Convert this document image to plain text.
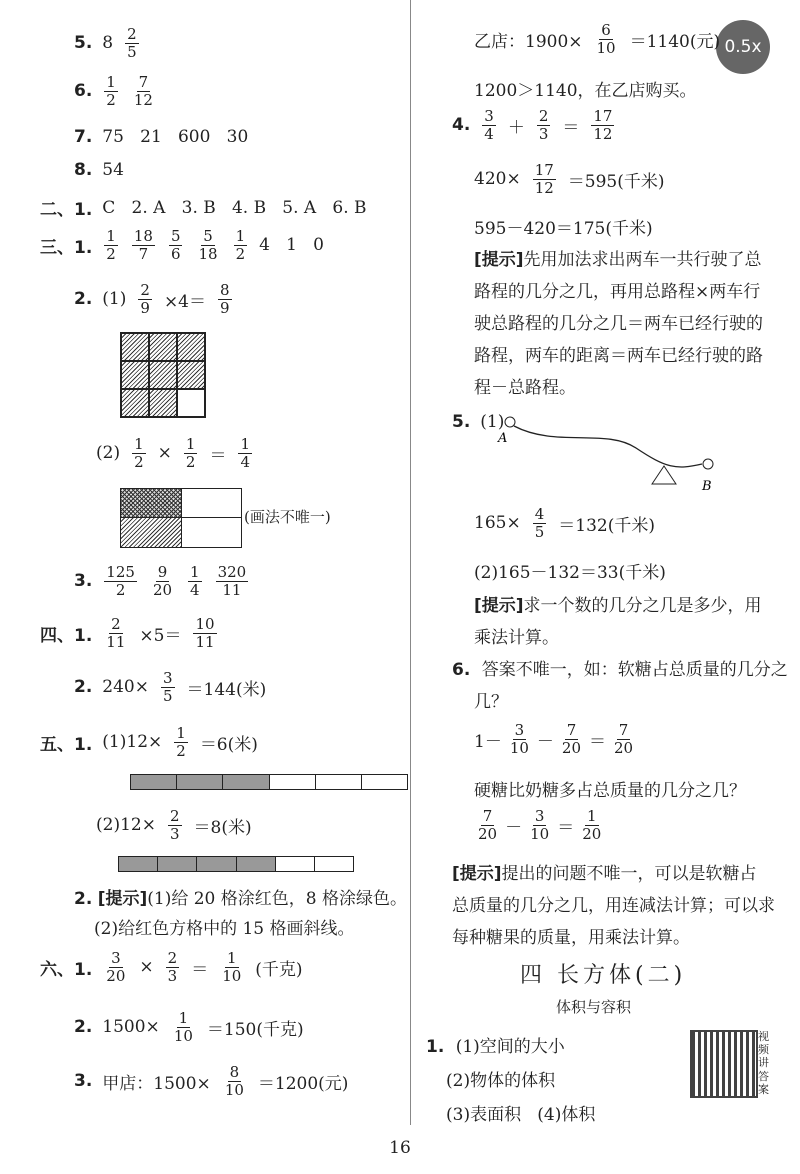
0.5x
5. $8 \frac{2}{5}$
6. $\frac{1}{2} \frac{7}{12}$
7. 75   21   600   30
8. 54
二、1. C   2. A   3. B   4. B   5. A   6. B
三、1. $\frac{1}{2} \frac{18}{7} \frac{5}{6} \frac{5}{18} \frac{1}{2} 4$   1   0
2. $(1) \frac{2}{9} \times 4= \frac{8}{9}$
$(2) \frac{1}{2} \times \frac{1}{2} = \frac{1}{4}$
(画法不唯一)
3. $\frac{125}{2} \frac{9}{20} \frac{1}{4} \frac{320}{11}$
四、1. $\frac{2}{11} \times 5= \frac{10}{11}$
2. $240\times \frac{3}{5} =144$(米)
五、1. $(1)12\times \frac{1}{2} =6$(米)
$(2)12\times \frac{2}{3} =8$(米)
2. [提示](1)给 20 格涂红色，8 格涂绿色。
(2)给红色方格中的 15 格画斜线。
六、1. $\frac{3}{20} \times \frac{2}{3} = \frac{1}{10}$ (千克)
2. $1500\times \frac{1}{10} =150$(千克)
3. 甲店：$1500\times \frac{8}{10} =1200$(元)
乙店：$1900\times \frac{6}{10} =1140$(元)
1200＞1140，在乙店购买。
4. $\frac{3}{4} + \frac{2}{3} = \frac{17}{12}$
$420\times \frac{17}{12} =595$(千米)
595－420＝175(千米)
[提示]先用加法求出两车一共行驶了总
路程的几分之几，再用总路程×两车行
驶总路程的几分之几＝两车已经行驶的
路程，两车的距离＝两车已经行驶的路
程－总路程。
5. (1)
A
B
$165\times \frac{4}{5} =132$(千米)
(2)165－132＝33(千米)
[提示]求一个数的几分之几是多少，用
乘法计算。
6. 答案不唯一，如：软糖占总质量的几分之
几？
$1- \frac{3}{10} - \frac{7}{20} = \frac{7}{20}$
硬糖比奶糖多占总质量的几分之几？
$\frac{7}{20} - \frac{3}{10} = \frac{1}{20}$
[提示]提出的问题不唯一，可以是软糖占
总质量的几分之几，用连减法计算；可以求
每种糖果的质量，用乘法计算。
四 长方体(二)
体积与容积
1. (1)空间的大小
(2)物体的体积
(3)表面积   (4)体积
视频讲答案
16
